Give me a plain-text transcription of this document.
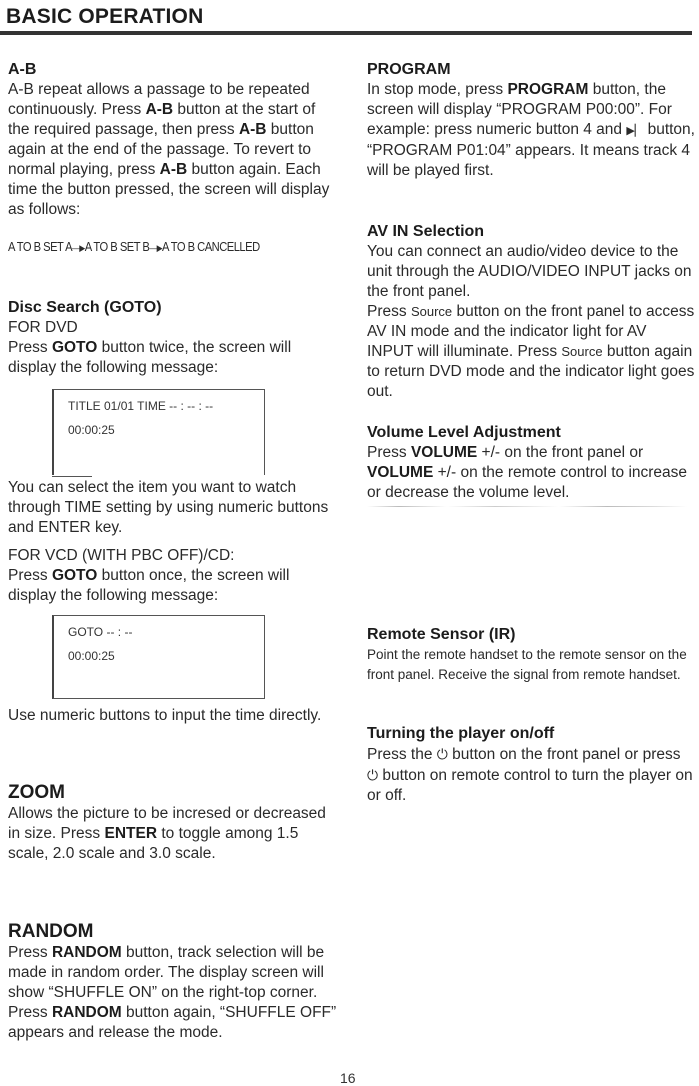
BASIC OPERATION
A-B

A-B repeat allows a passage to be repeated continuously. Press A-B button at the start of the required passage, then press A-B button again at the end of the passage. To revert to normal playing, press A-B button again. Each time the button pressed, the screen will display as follows:

A TO B SET A—▶A TO B SET B—▶A TO B CANCELLED
Disc Search (GOTO)

FOR DVD

Press GOTO button twice, the screen will display the following message:

TITLE 01/01 TIME -- : -- : --
00:00:25

You can select the item you want to watch through TIME setting by using numeric buttons and ENTER key.

FOR VCD (WITH PBC OFF)/CD:

Press GOTO button once, the screen will display the following message:

GOTO -- : --
00:00:25

Use numeric buttons to input the time directly.

ZOOM

Allows the picture to be incresed or decreased in size. Press ENTER to toggle among 1.5 scale, 2.0 scale and 3.0 scale.

RANDOM

Press RANDOM button, track selection will be made in random order. The display screen will show “SHUFFLE ON” on the right-top corner. Press RANDOM button again, “SHUFFLE OFF” appears and release the mode.

PROGRAM

In stop mode, press PROGRAM button, the screen will display “PROGRAM P00:00”. For example: press numeric button 4 and ▶▏ button, “PROGRAM P01:04” appears. It means track 4 will be played first.

AV IN Selection

You can connect an audio/video device to the unit through the AUDIO/VIDEO INPUT jacks on the front panel.

Press Source button on the front panel to access AV IN mode and the indicator light for AV INPUT will illuminate. Press Source button again to return DVD mode and the indicator light goes out.

Volume Level Adjustment

Press VOLUME +/- on the front panel or VOLUME +/- on the remote control to increase or decrease the volume level.

Remote Sensor (IR)

Point the remote handset to the remote sensor on the front panel. Receive the signal from remote handset.

Turning the player on/off

Press the ⏻ button on the front panel or press ⏻ button on remote control to turn the player on or off.

16
